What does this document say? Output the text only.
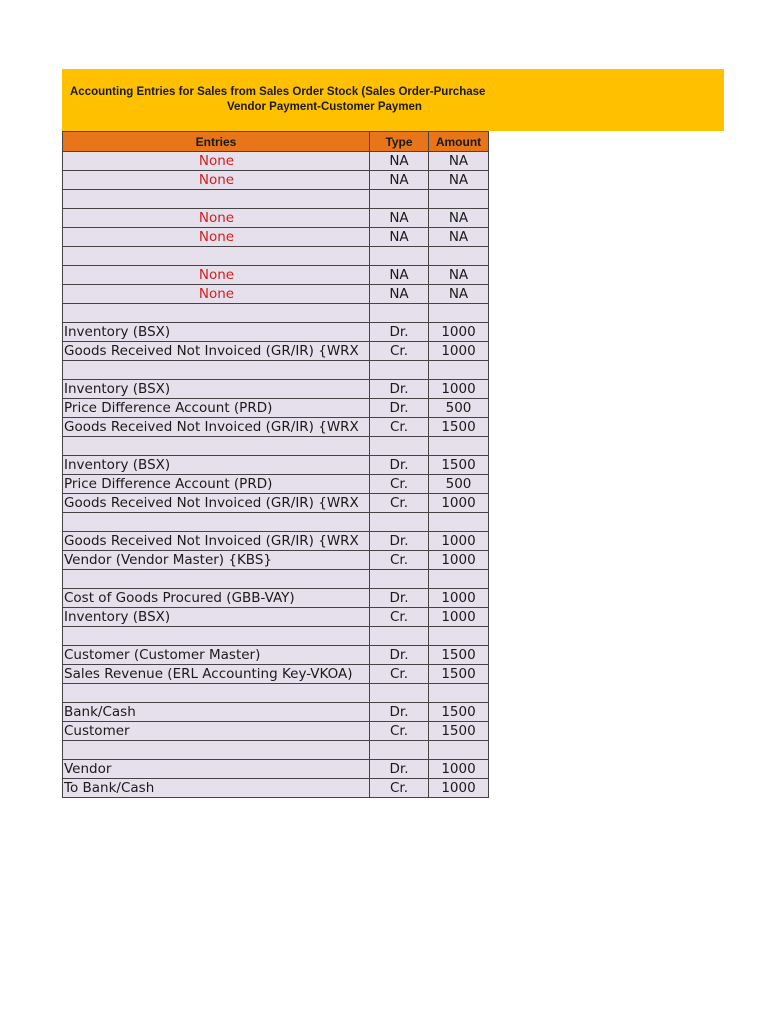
Accounting Entries for Sales from Sales Order Stock (Sales Order-Purchase
Vendor Payment-Customer Paymen
Entries	Type	Amount
None	NA	NA
None	NA	NA

None	NA	NA
None	NA	NA

None	NA	NA
None	NA	NA

Inventory (BSX)	Dr.	1000
Goods Received Not Invoiced (GR/IR) {WRX	Cr.	1000

Inventory (BSX)	Dr.	1000
Price Difference Account (PRD)	Dr.	500
Goods Received Not Invoiced (GR/IR) {WRX	Cr.	1500

Inventory (BSX)	Dr.	1500
Price Difference Account (PRD)	Cr.	500
Goods Received Not Invoiced (GR/IR) {WRX	Cr.	1000

Goods Received Not Invoiced (GR/IR) {WRX	Dr.	1000
Vendor (Vendor Master) {KBS}	Cr.	1000

Cost of Goods Procured (GBB-VAY)	Dr.	1000
Inventory (BSX)	Cr.	1000

Customer (Customer Master)	Dr.	1500
Sales Revenue (ERL Accounting Key-VKOA)	Cr.	1500

Bank/Cash	Dr.	1500
Customer	Cr.	1500

Vendor	Dr.	1000
To Bank/Cash	Cr.	1000
